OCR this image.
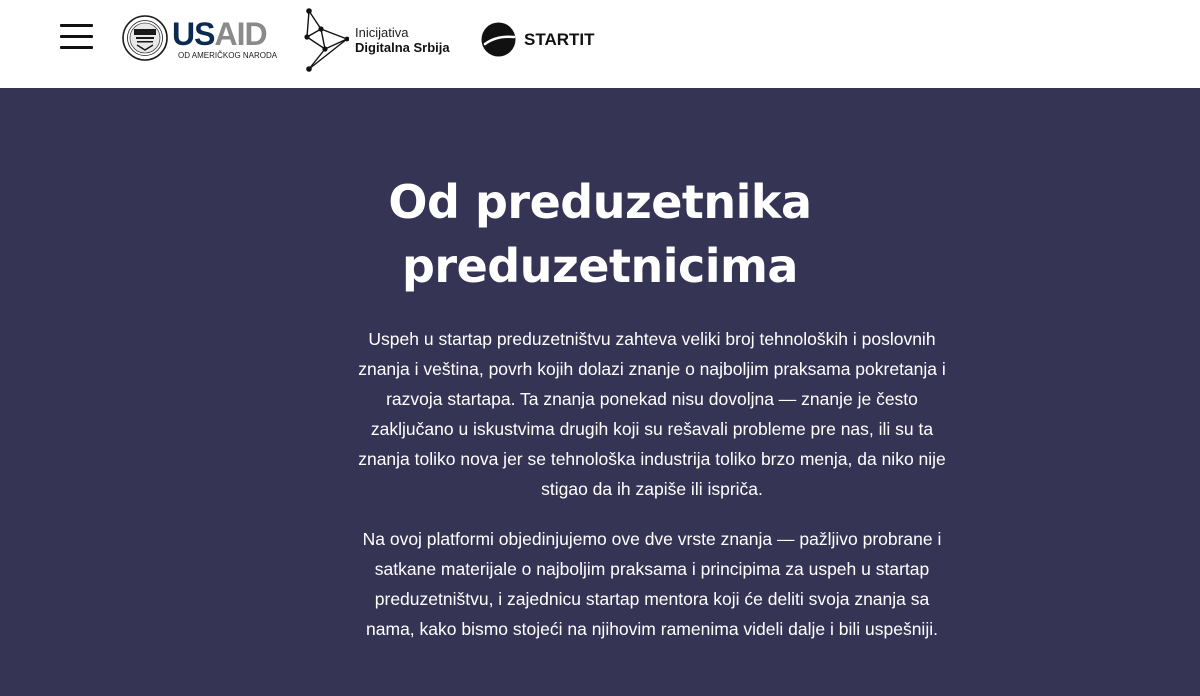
USAID
OD AMERIČKOG NARODA
Inicijativa
Digitalna Srbija	STARTIT
Od preduzetnika preduzetnicima

Uspeh u startap preduzetništvu zahteva veliki broj tehnoloških i poslovnih znanja i veština, povrh kojih dolazi znanje o najboljim praksama pokretanja i razvoja startapa. Ta znanja ponekad nisu dovoljna — znanje je često zaključano u iskustvima drugih koji su rešavali probleme pre nas, ili su ta znanja toliko nova jer se tehnološka industrija toliko brzo menja, da niko nije stigao da ih zapiše ili ispriča.

Na ovoj platformi objedinjujemo ove dve vrste znanja — pažljivo probrane i satkane materijale o najboljim praksama i principima za uspeh u startap preduzetništvu, i zajednicu startap mentora koji će deliti svoja znanja sa nama, kako bismo stojeći na njihovim ramenima videli dalje i bili uspešniji.
